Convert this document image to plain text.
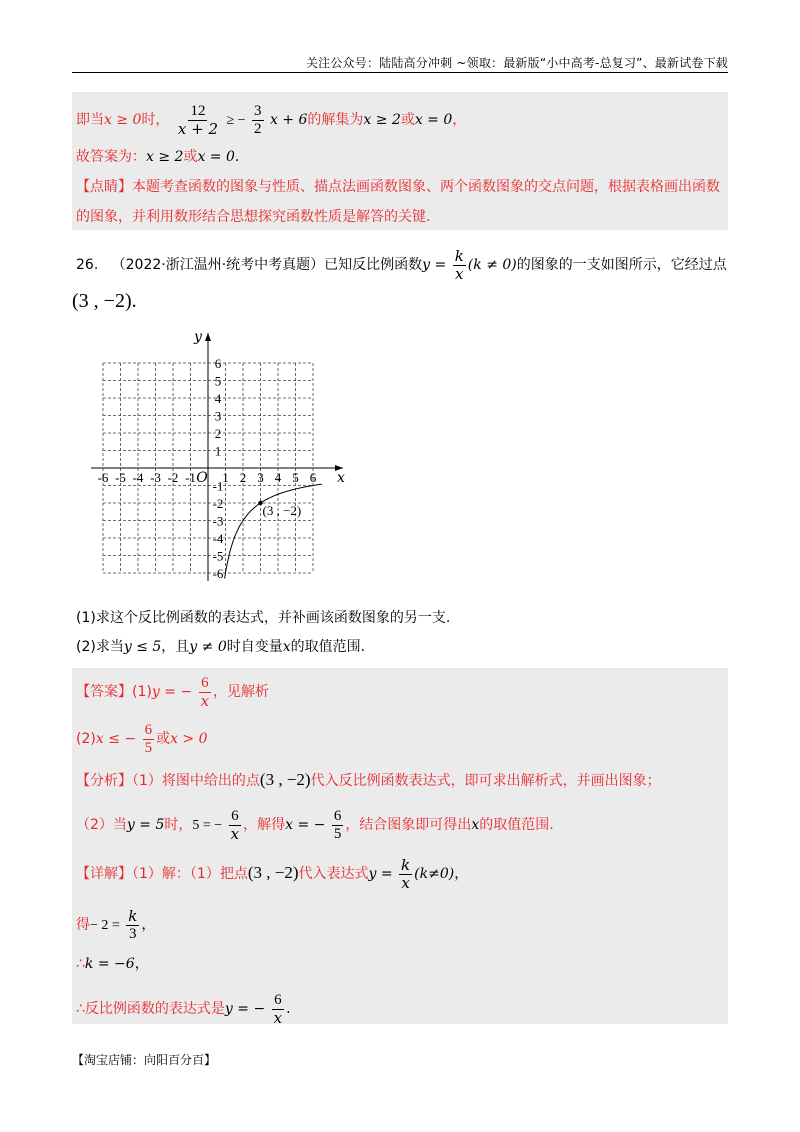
关注公众号：陆陆高分冲刺 ~领取：最新版“小中高考-总复习”、最新试卷下载
即当x ≥ 0时， $\frac{12}{x + 2}$ ≥ − $\frac{3}{2}$ x + 6的解集为x ≥ 2或x = 0，
故答案为：x ≥ 2或x = 0.
【点睛】本题考查函数的图象与性质、描点法画函数图象、两个函数图象的交点问题，根据表格画出函数
的图象，并利用数形结合思想探究函数性质是解答的关键.
26. （2022·浙江温州·统考中考真题）已知反比例函数$y = \frac{k}{x} (k \ne 0)$的图象的一支如图所示，它经过点
(3 , −2).
-6 -5 -4 -3 -2 -1 1 2 3 4 5 6
6
5
4
3
2
1
-1
-2
-3
-4
-5
-6
O	x
y
(3 , −2)
(1)求这个反比例函数的表达式，并补画该函数图象的另一支.
(2)求当y ≤ 5，且y ≠ 0时自变量x的取值范围.
【答案】(1)y = − $\frac{6}{x}$ ，见解析
(2)x ≤ − $\frac{6}{5}$ 或x > 0
【分析】（1）将图中给出的点(3 , −2)代入反比例函数表达式，即可求出解析式，并画出图象；
（2）当y = 5时，5 = − $\frac{6}{x}$ ，解得x = − $\frac{6}{5}$ ，结合图象即可得出x的取值范围.
【详解】（1）解：（1）把点(3 , −2)代入表达式$y = \frac{k}{x} (k\ne 0)$，
得− $2 = \frac{k}{3}$ ，
∴k = −6，
∴反比例函数的表达式是y = − $\frac{6}{x}$ .
【淘宝店铺：向阳百分百】
